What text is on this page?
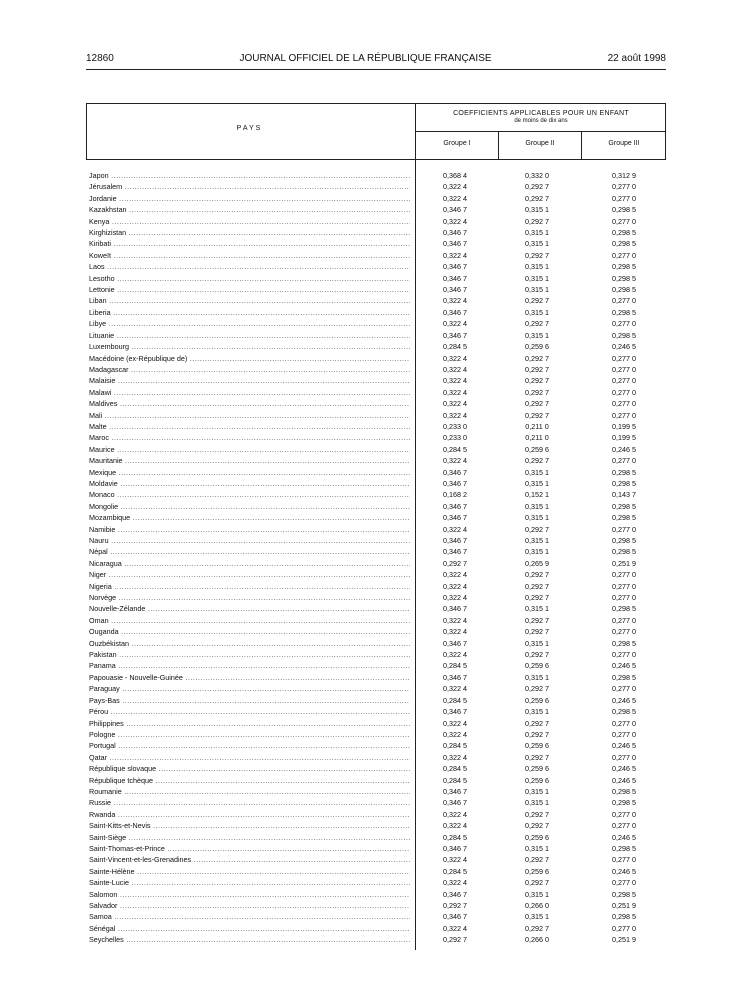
12860	JOURNAL OFFICIEL DE LA RÉPUBLIQUE FRANÇAISE	22 août 1998
PAYS
COEFFICIENTS APPLICABLES POUR UN ENFANT
de moins de dix ans
Groupe I	Groupe II	Groupe III
Japon .....	0,368 4	0,332 0	0,312 9
Jérusalem .....	0,322 4	0,292 7	0,277 0
Jordanie .....	0,322 4	0,292 7	0,277 0
Kazakhstan .....	0,346 7	0,315 1	0,298 5
Kenya .....	0,322 4	0,292 7	0,277 0
Kirghizistan .....	0,346 7	0,315 1	0,298 5
Kiribati .....	0,346 7	0,315 1	0,298 5
Koweït .....	0,322 4	0,292 7	0,277 0
Laos .....	0,346 7	0,315 1	0,298 5
Lesotho .....	0,346 7	0,315 1	0,298 5
Lettonie .....	0,346 7	0,315 1	0,298 5
Liban .....	0,322 4	0,292 7	0,277 0
Liberia .....	0,346 7	0,315 1	0,298 5
Libye .....	0,322 4	0,292 7	0,277 0
Lituanie .....	0,346 7	0,315 1	0,298 5
Luxembourg .....	0,284 5	0,259 6	0,246 5
Macédoine (ex-République de) .....	0,322 4	0,292 7	0,277 0
Madagascar .....	0,322 4	0,292 7	0,277 0
Malaisie .....	0,322 4	0,292 7	0,277 0
Malawi .....	0,322 4	0,292 7	0,277 0
Maldives .....	0,322 4	0,292 7	0,277 0
Mali .....	0,322 4	0,292 7	0,277 0
Malte .....	0,233 0	0,211 0	0,199 5
Maroc .....	0,233 0	0,211 0	0,199 5
Maurice .....	0,284 5	0,259 6	0,246 5
Mauritanie .....	0,322 4	0,292 7	0,277 0
Mexique .....	0,346 7	0,315 1	0,298 5
Moldavie .....	0,346 7	0,315 1	0,298 5
Monaco .....	0,168 2	0,152 1	0,143 7
Mongolie .....	0,346 7	0,315 1	0,298 5
Mozambique .....	0,346 7	0,315 1	0,298 5
Namibie .....	0,322 4	0,292 7	0,277 0
Nauru .....	0,346 7	0,315 1	0,298 5
Népal .....	0,346 7	0,315 1	0,298 5
Nicaragua .....	0,292 7	0,265 9	0,251 9
Niger .....	0,322 4	0,292 7	0,277 0
Nigeria .....	0,322 4	0,292 7	0,277 0
Norvège .....	0,322 4	0,292 7	0,277 0
Nouvelle-Zélande .....	0,346 7	0,315 1	0,298 5
Oman .....	0,322 4	0,292 7	0,277 0
Ouganda .....	0,322 4	0,292 7	0,277 0
Ouzbékistan .....	0,346 7	0,315 1	0,298 5
Pakistan .....	0,322 4	0,292 7	0,277 0
Panama .....	0,284 5	0,259 6	0,246 5
Papouasie - Nouvelle-Guinée .....	0,346 7	0,315 1	0,298 5
Paraguay .....	0,322 4	0,292 7	0,277 0
Pays-Bas .....	0,284 5	0,259 6	0,246 5
Pérou .....	0,346 7	0,315 1	0,298 5
Philippines .....	0,322 4	0,292 7	0,277 0
Pologne .....	0,322 4	0,292 7	0,277 0
Portugal .....	0,284 5	0,259 6	0,246 5
Qatar .....	0,322 4	0,292 7	0,277 0
République slovaque .....	0,284 5	0,259 6	0,246 5
République tchèque .....	0,284 5	0,259 6	0,246 5
Roumanie .....	0,346 7	0,315 1	0,298 5
Russie .....	0,346 7	0,315 1	0,298 5
Rwanda .....	0,322 4	0,292 7	0,277 0
Saint-Kitts-et-Nevis .....	0,322 4	0,292 7	0,277 0
Saint-Siège .....	0,284 5	0,259 6	0,246 5
Saint-Thomas-et-Prince .....	0,346 7	0,315 1	0,298 5
Saint-Vincent-et-les-Grenadines .....	0,322 4	0,292 7	0,277 0
Sainte-Hélène .....	0,284 5	0,259 6	0,246 5
Sainte-Lucie .....	0,322 4	0,292 7	0,277 0
Salomon .....	0,346 7	0,315 1	0,298 5
Salvador .....	0,292 7	0,266 0	0,251 9
Samoa .....	0,346 7	0,315 1	0,298 5
Sénégal .....	0,322 4	0,292 7	0,277 0
Seychelles .....	0,292 7	0,266 0	0,251 9
